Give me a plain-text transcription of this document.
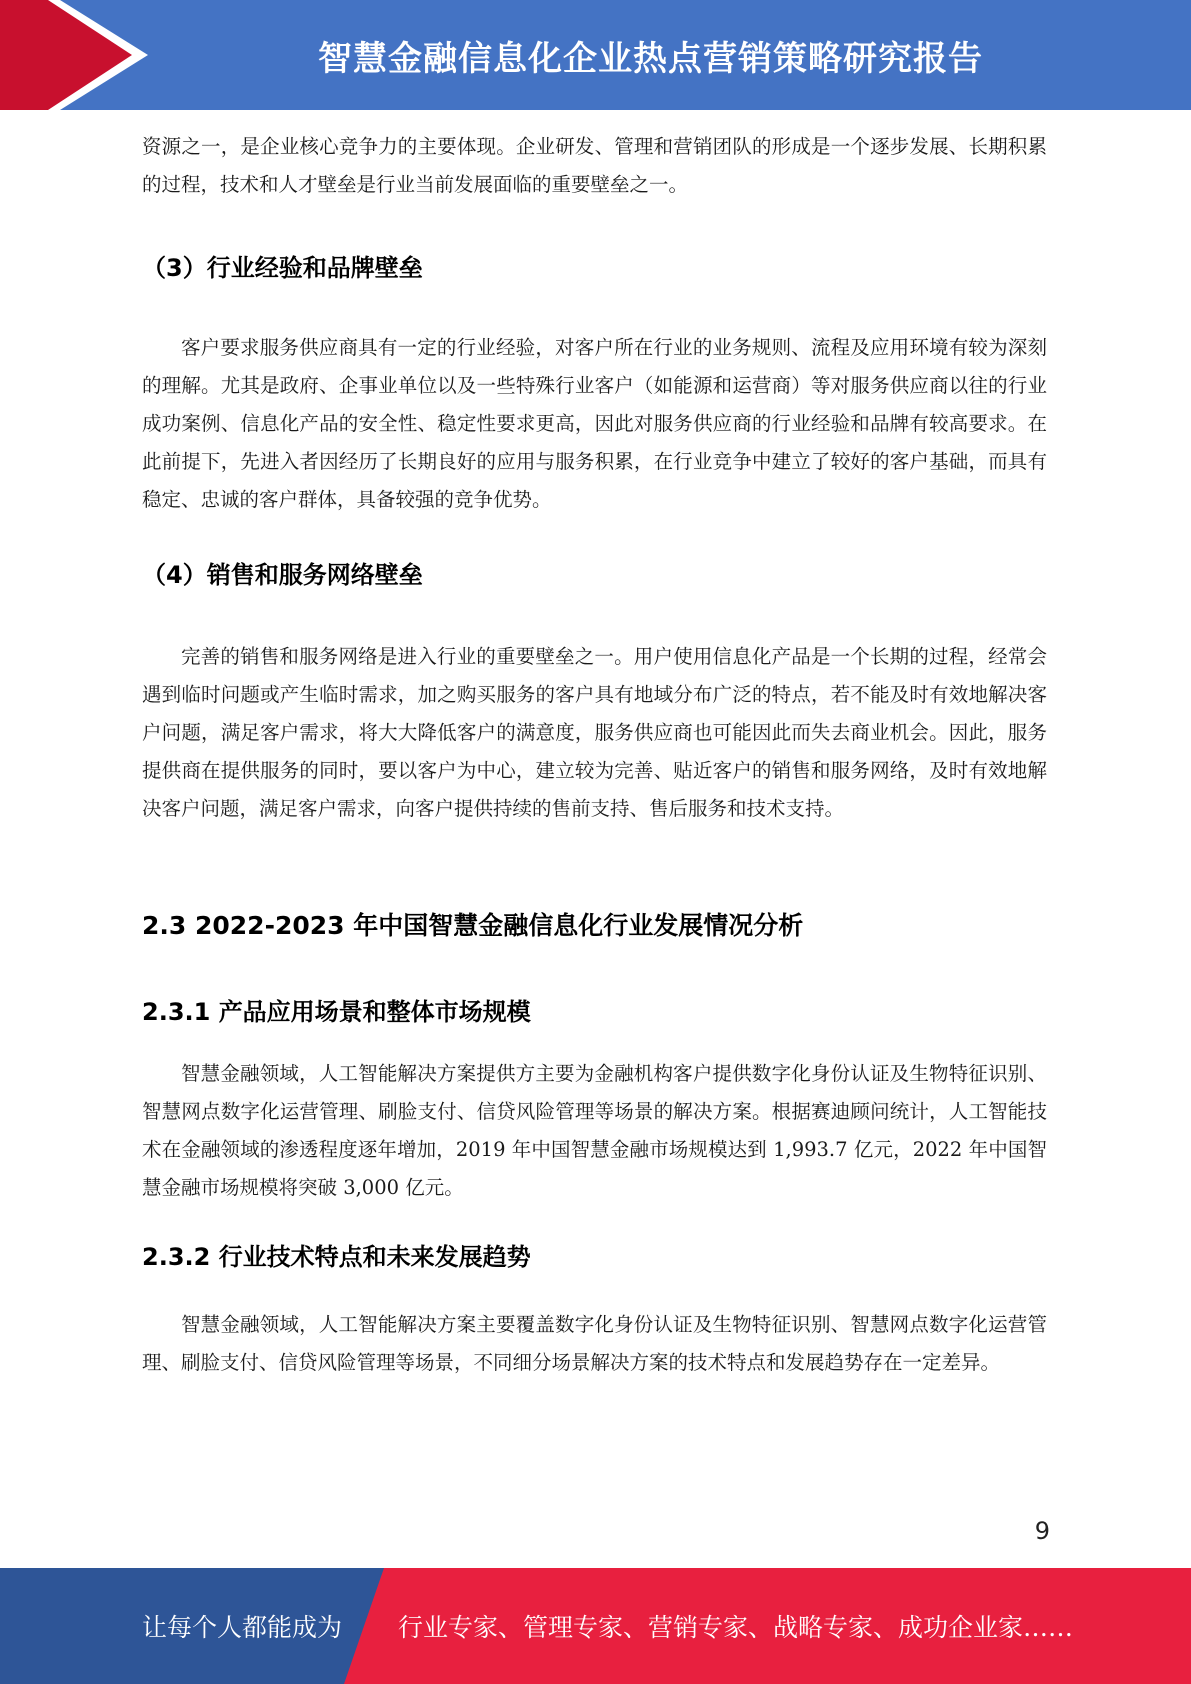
智慧金融信息化企业热点营销策略研究报告

资源之一，是企业核心竞争力的主要体现。企业研发、管理和营销团队的形成是一个逐步发展、长期积累的过程，技术和人才壁垒是行业当前发展面临的重要壁垒之一。

（3）行业经验和品牌壁垒

客户要求服务供应商具有一定的行业经验，对客户所在行业的业务规则、流程及应用环境有较为深刻的理解。尤其是政府、企事业单位以及一些特殊行业客户（如能源和运营商）等对服务供应商以往的行业成功案例、信息化产品的安全性、稳定性要求更高，因此对服务供应商的行业经验和品牌有较高要求。在此前提下，先进入者因经历了长期良好的应用与服务积累，在行业竞争中建立了较好的客户基础，而具有稳定、忠诚的客户群体，具备较强的竞争优势。

（4）销售和服务网络壁垒

完善的销售和服务网络是进入行业的重要壁垒之一。用户使用信息化产品是一个长期的过程，经常会遇到临时问题或产生临时需求，加之购买服务的客户具有地域分布广泛的特点，若不能及时有效地解决客户问题，满足客户需求，将大大降低客户的满意度，服务供应商也可能因此而失去商业机会。因此，服务提供商在提供服务的同时，要以客户为中心，建立较为完善、贴近客户的销售和服务网络，及时有效地解决客户问题，满足客户需求，向客户提供持续的售前支持、售后服务和技术支持。

2.3 2022-2023 年中国智慧金融信息化行业发展情况分析
2.3.1 产品应用场景和整体市场规模

智慧金融领域，人工智能解决方案提供方主要为金融机构客户提供数字化身份认证及生物特征识别、智慧网点数字化运营管理、刷脸支付、信贷风险管理等场景的解决方案。根据赛迪顾问统计，人工智能技术在金融领域的渗透程度逐年增加，2019 年中国智慧金融市场规模达到 1,993.7 亿元，2022 年中国智慧金融市场规模将突破 3,000 亿元。

2.3.2 行业技术特点和未来发展趋势

智慧金融领域，人工智能解决方案主要覆盖数字化身份认证及生物特征识别、智慧网点数字化运营管理、刷脸支付、信贷风险管理等场景，不同细分场景解决方案的技术特点和发展趋势存在一定差异。

9
让每个人都能成为 行业专家、管理专家、营销专家、战略专家、成功企业家……
